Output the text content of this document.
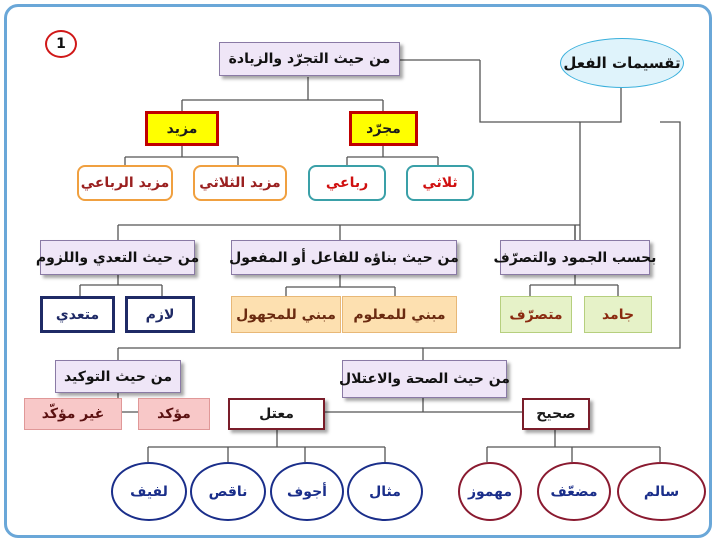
1
تقسيمات الفعل
من حيث التجرّد والزيادة
مجرّد
مزيد
ثلاثي
رباعي
مزيد الثلاثي
مزيد الرباعي
بحسب الجمود والتصرّف
جامد
متصرّف
من حيث بناؤه للفاعل أو المفعول
مبني للمعلوم
مبني للمجهول
من حيث التعدي واللزوم
لازم
متعدي
من حيث التوكيد
مؤكد
غير مؤكّد
من حيث الصحة والاعتلال
صحيح
معتل
سالم
مضعّف
مهموز
مثال
أجوف
ناقص
لفيف
